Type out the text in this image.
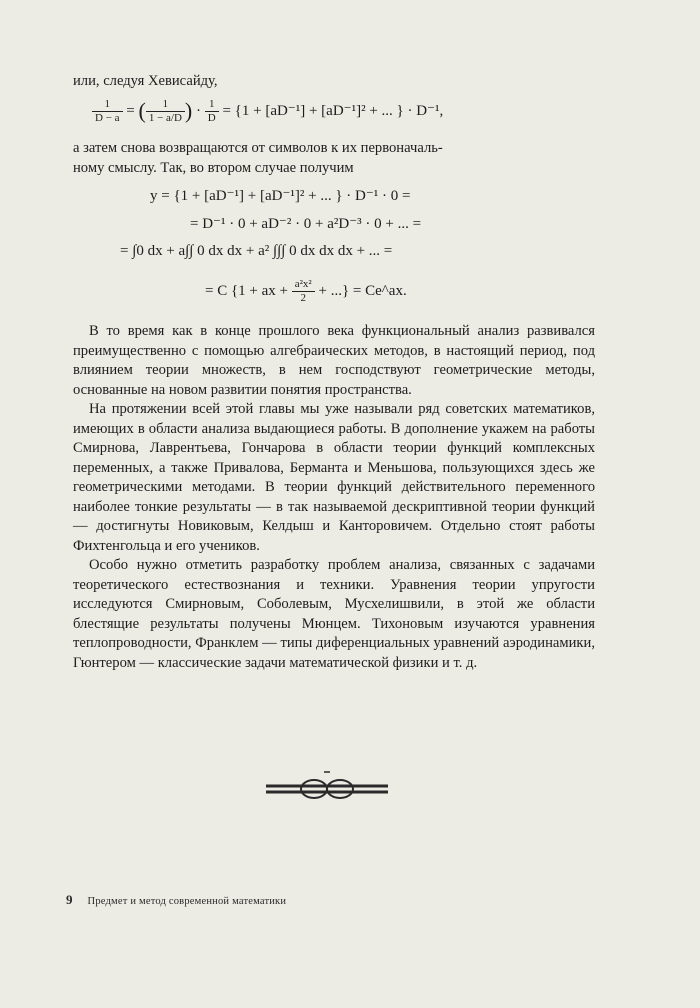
или, следуя Хевисайду,
$\frac{1}{D - a}$ = ( $\frac{1}{1 - a/D}$ ) · $\frac{1}{D} = \{1 + [aD^{-1}] + [aD^{-1}]^2$ + ... } · D⁻¹,
а затем снова возвращаются от символов к их первоначаль-
ному смыслу. Так, во втором случае получим
y = {1 + [aD⁻¹] + [aD⁻¹]² + ... } · D⁻¹ · 0 =
= D⁻¹ · 0 + aD⁻² · 0 + a²D⁻³ · 0 + ... =
= ∫0 dx + a∫∫ 0 dx dx + a² ∫∫∫ 0 dx dx dx + ... =
= C {1 + ax + $\frac{\text{a²x²}}{2}$ + ...} = Ce^ax.

В то время как в конце прошлого века функциональный анализ развивался преимущественно с помощью алгебраических методов, в настоящий период, под влиянием теории множеств, в нем господствуют геометрические методы, основанные на новом развитии понятия пространства.

На протяжении всей этой главы мы уже называли ряд советских математиков, имеющих в области анализа выдающиеся работы. В дополнение укажем на работы Смирнова, Лаврентьева, Гончарова в области теории функций комплексных переменных, а также Привалова, Берманта и Меньшова, пользующихся здесь же геометрическими методами. В теории функций действительного переменного наиболее тонкие результаты — в так называемой дескриптивной теории функций — достигнуты Новиковым, Келдыш и Канторовичем. Отдельно стоят работы Фихтенгольца и его учеников.

Особо нужно отметить разработку проблем анализа, связанных с задачами теоретического естествознания и техники. Уравнения теории упругости исследуются Смирновым, Соболевым, Мусхелишвили, в этой же области блестящие результаты получены Мюнцем. Тихоновым изучаются уравнения теплопроводности, Франклем — типы диференциальных уравнений аэродинамики, Гюнтером — классические задачи математической физики и т. д.

9 Предмет и метод современной математики
